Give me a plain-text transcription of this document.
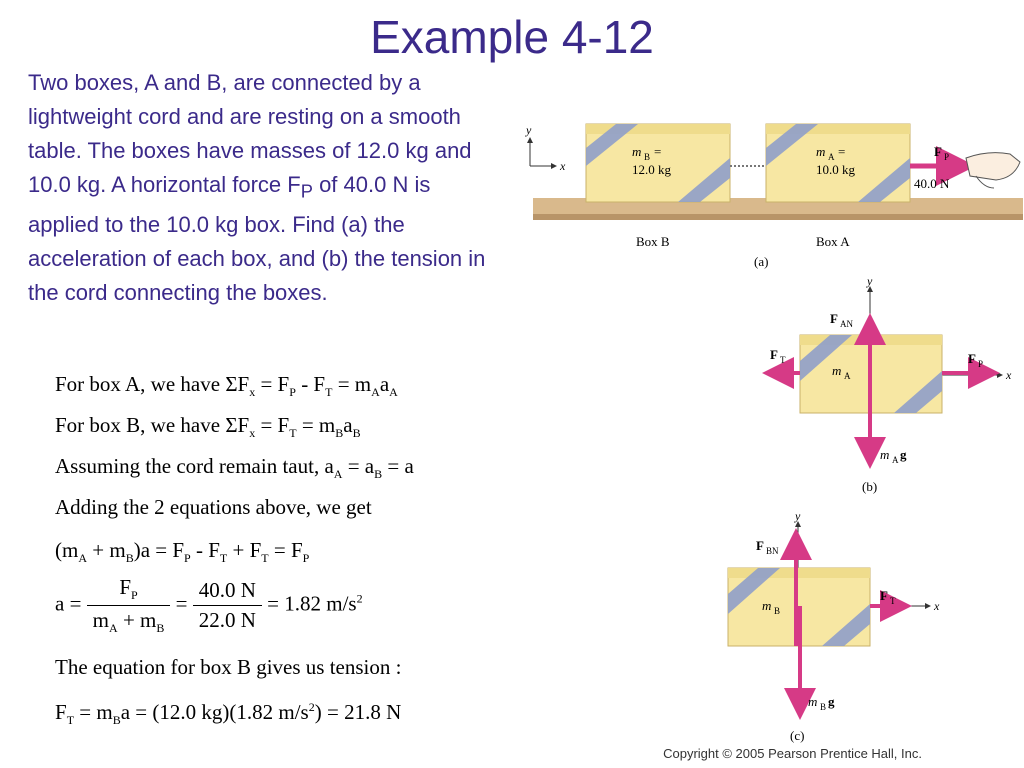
Example 4-12
Two boxes, A and B, are connected by a lightweight cord and are resting on a smooth table. The boxes have masses of 12.0 kg and 10.0 kg. A horizontal force $F_P$ of 40.0 N is applied to the 10.0 kg box. Find (a) the acceleration of each box, and (b) the tension in the cord connecting the boxes.
For box A, we have $\Sigma F_x = F_P - F_T = m_Aa_A$
For box B, we have $\Sigma F_x = F_T = m_Ba_B$
Assuming the cord remain taut, $a_A = a_B = a$
Adding the 2 equations above, we get
$(m_A + m_B)a = F_P - F_T + F_T = F_P$
$a = \frac{F_P}{m_A + m_B} = \frac{40.0 N}{22.0 N} = 1.82$ $m/s^2$
The equation for box B gives us tension :
$F_T = m_Ba = (12.0$ kg)(1.82 $m/s^2) = 21.8$ N
y
x
m B =
12.0 kg
m A =
10.0 kg
F P
40.0 N
Box B	Box A
(a)
y
x
m A
F AN
F T	F P
m A g
(b)
y
x
m B
F BN
F T
m B g
(c)
Copyright © 2005 Pearson Prentice Hall, Inc.
